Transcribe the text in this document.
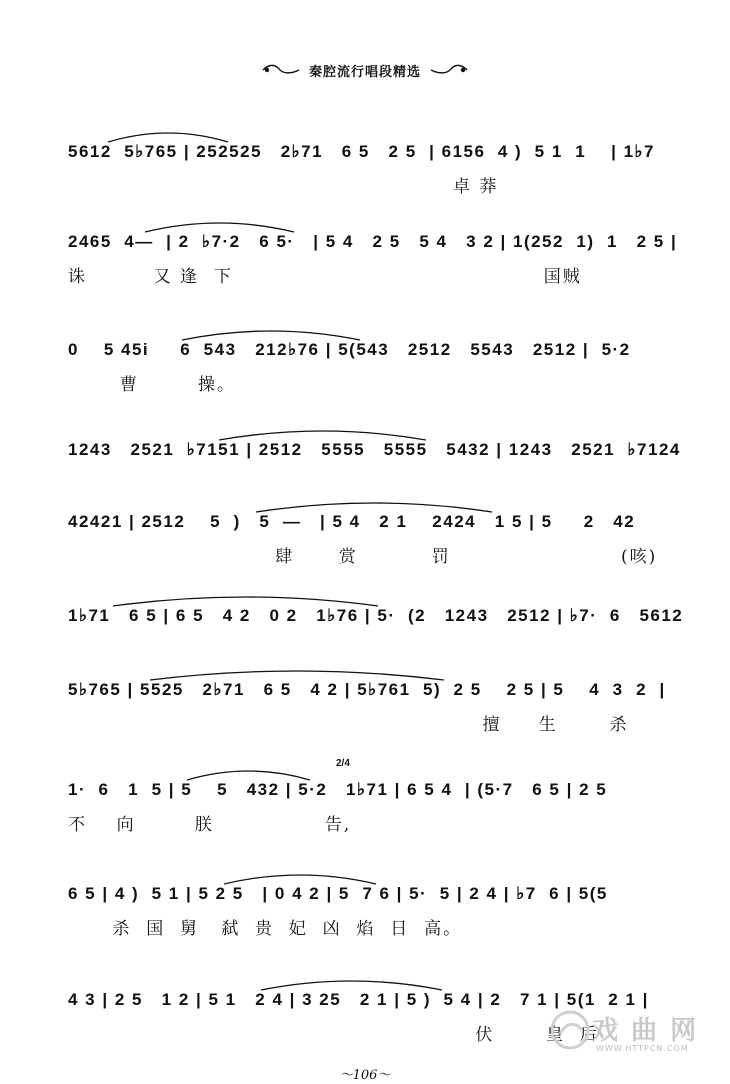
秦腔流行唱段精选
5612  5♭765 | 252525   2♭71   6 5   2 5  | 6156  4 )  5 1  1    | 1♭7
卓 莽
2465  4—  | 2  ♭7·2   6 5·   | 5 4   2 5   5 4   3 2 | 1(252  1)  1   2 5 |
诛         又 逢  下                                          国贼
0    5 45i     6  543   212♭76 | 5(543   2512   5543   2512 |  5·2
曹        操。
1243   2521  ♭7151 | 2512   5555   5555   5432 | 1243   2521  ♭7124
42421 | 2512    5  )   5  —   | 5 4   2 1    2424   1 5 | 5     2   42
肆      赏          罚                       (咳)
1♭71   6 5 | 6 5   4 2   0 2   1♭76 | 5·  (2   1243   2512 | ♭7·  6   5612
5♭765 | 5525   2♭71   6 5   4 2 | 5♭761  5)  2 5    2 5 | 5    4  3  2  |
擅     生       杀
1·  6   1  5 | 5    5   432 | 5·2   1♭71 | 6 5 4  | (5·7   6 5 | 2 5
不    向        朕               告,
6 5 | 4 )  5 1 | 5 2 5   | 0 4 2 | 5  7 6 | 5·  5 | 2 4 | ♭7  6 | 5(5
杀  国  舅   弑  贵  妃  凶  焰  日  高。
4 3 | 2 5   1 2 | 5 1   2 4 | 3 25   2 1 | 5 )  5 4 | 2   7 1 | 5(1  2 1 |
伏       皇  后
2/4
～106～
戏 曲 网
WWW.HTTPCN.COM
